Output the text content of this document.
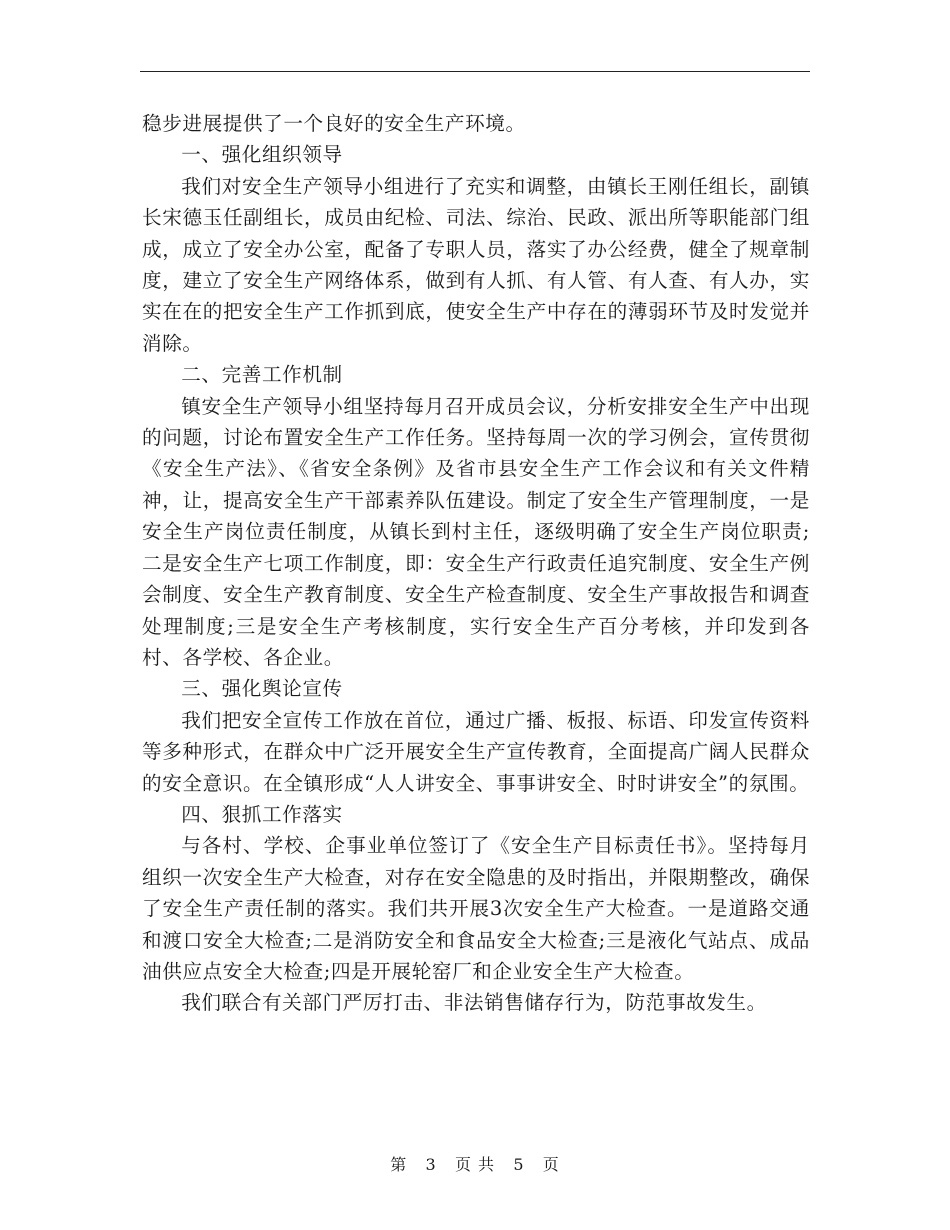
稳步进展提供了一个良好的安全生产环境。

一、强化组织领导

我们对安全生产领导小组进行了充实和调整，由镇长王刚任组长，副镇长宋德玉任副组长，成员由纪检、司法、综治、民政、派出所等职能部门组成，成立了安全办公室，配备了专职人员，落实了办公经费，健全了规章制度，建立了安全生产网络体系，做到有人抓、有人管、有人查、有人办，实实在在的把安全生产工作抓到底，使安全生产中存在的薄弱环节及时发觉并消除。

二、完善工作机制

镇安全生产领导小组坚持每月召开成员会议，分析安排安全生产中出现的问题，讨论布置安全生产工作任务。坚持每周一次的学习例会，宣传贯彻《安全生产法》、《省安全条例》及省市县安全生产工作会议和有关文件精神，让，提高安全生产干部素养队伍建设。制定了安全生产管理制度，一是安全生产岗位责任制度，从镇长到村主任，逐级明确了安全生产岗位职责;二是安全生产七项工作制度，即：安全生产行政责任追究制度、安全生产例会制度、安全生产教育制度、安全生产检查制度、安全生产事故报告和调查处理制度;三是安全生产考核制度，实行安全生产百分考核，并印发到各村、各学校、各企业。

三、强化舆论宣传

我们把安全宣传工作放在首位，通过广播、板报、标语、印发宣传资料等多种形式，在群众中广泛开展安全生产宣传教育，全面提高广阔人民群众的安全意识。在全镇形成“人人讲安全、事事讲安全、时时讲安全”的氛围。

四、狠抓工作落实

与各村、学校、企事业单位签订了《安全生产目标责任书》。坚持每月组织一次安全生产大检查，对存在安全隐患的及时指出，并限期整改，确保了安全生产责任制的落实。我们共开展3次安全生产大检查。一是道路交通和渡口安全大检查;二是消防安全和食品安全大检查;三是液化气站点、成品油供应点安全大检查;四是开展轮窑厂和企业安全生产大检查。

我们联合有关部门严厉打击、非法销售储存行为，防范事故发生。

第 3 页 共 5 页
